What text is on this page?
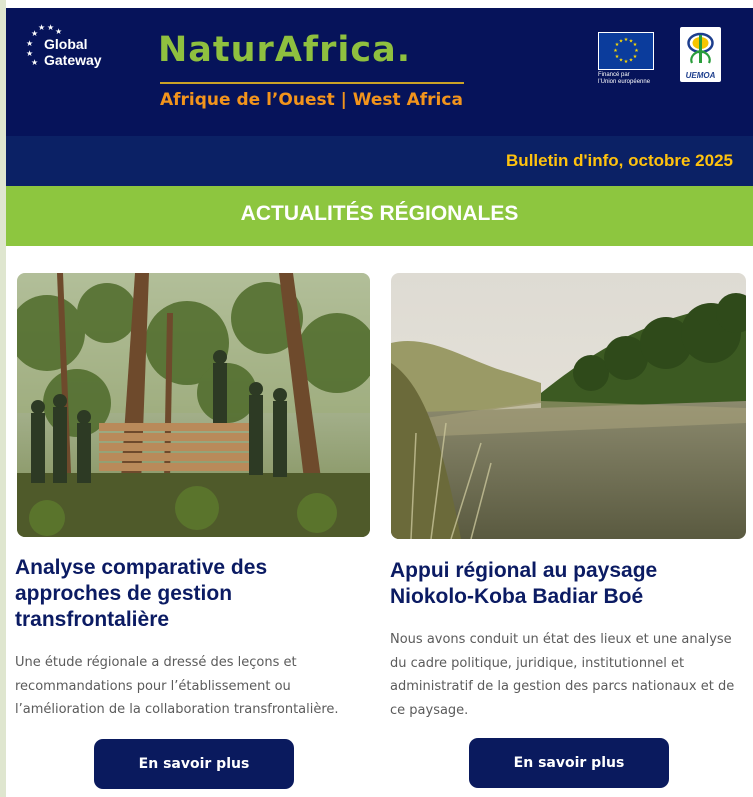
★ ★
★ ★
★
★
★
Global
Gateway NaturAfrica.
Afrique de l’Ouest | West Africa
★ ★
★
★
★
★
★
★
★
★
★
★
Financé par
l’Union européenne
UEMOA
Bulletin d'info, octobre 2025
ACTUALITÉS RÉGIONALES
Analyse comparative des
approches de gestion
transfrontalière
Une étude régionale a dressé des leçons et
recommandations pour l’établissement ou
l’amélioration de la collaboration transfrontalière.
En savoir plus
Appui régional au paysage
Niokolo-Koba Badiar Boé
Nous avons conduit un état des lieux et une analyse
du cadre politique, juridique, institutionnel et
administratif de la gestion des parcs nationaux et de
ce paysage.
En savoir plus
